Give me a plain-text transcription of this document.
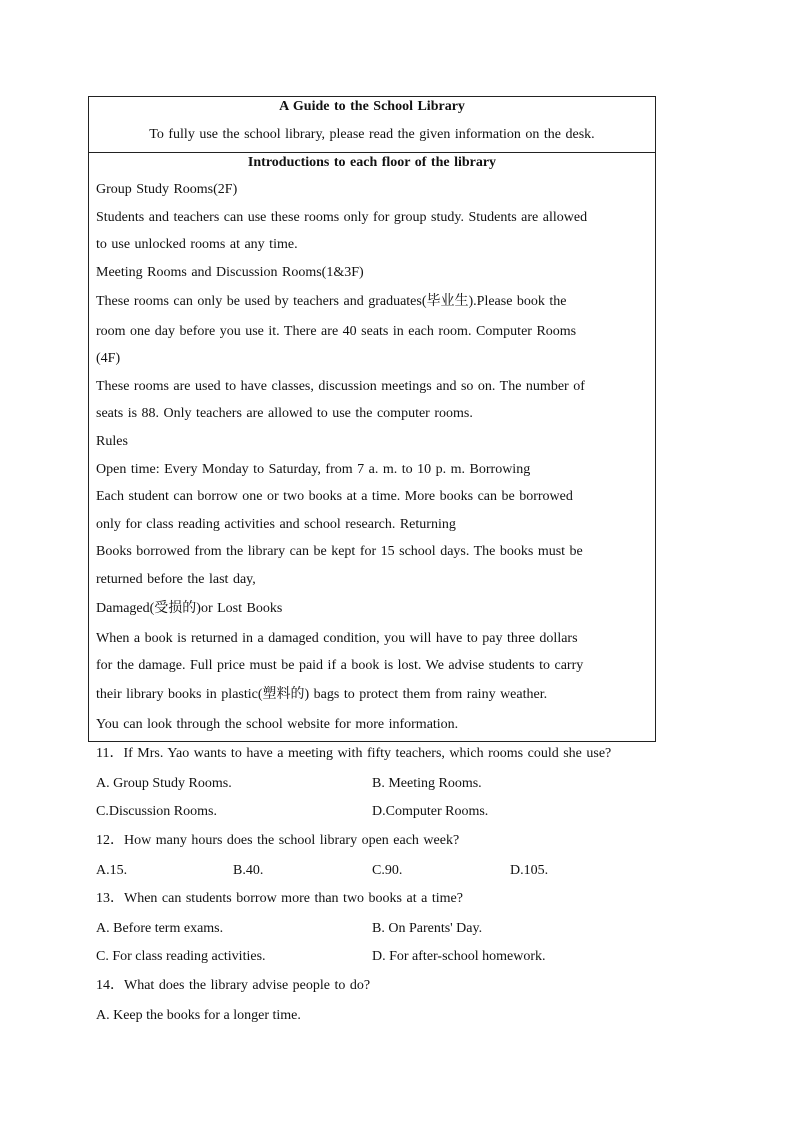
A Guide to the School Library
To fully use the school library, please read the given information on the desk.
Introductions to each floor of the library
Group Study Rooms(2F)
Students and teachers can use these rooms only for group study. Students are allowed
to use unlocked rooms at any time.
Meeting Rooms and Discussion Rooms(1&3F)
These rooms can only be used by teachers and graduates(毕业生).Please book the
room one day before you use it. There are 40 seats in each room. Computer Rooms
(4F)
These rooms are used to have classes, discussion meetings and so on. The number of
seats is 88. Only teachers are allowed to use the computer rooms.
Rules
Open time: Every Monday to Saturday, from 7 a. m. to 10 p. m. Borrowing
Each student can borrow one or two books at a time. More books can be borrowed
only for class reading activities and school research. Returning
Books borrowed from the library can be kept for 15 school days. The books must be
returned before the last day,
Damaged(受损的)or Lost Books
When a book is returned in a damaged condition, you will have to pay three dollars
for the damage. Full price must be paid if a book is lost. We advise students to carry
their library books in plastic(塑料的) bags to protect them from rainy weather.
You can look through the school website for more information.
11．If Mrs. Yao wants to have a meeting with fifty teachers, which rooms could she use?
A. Group Study Rooms.	B. Meeting Rooms.
C.Discussion Rooms.	D.Computer Rooms.
12．How many hours does the school library open each week?
A.15.	B.40.	C.90.	D.105.
13．When can students borrow more than two books at a time?
A. Before term exams.	B. On Parents' Day.
C. For class reading activities.	D. For after-school homework.
14．What does the library advise people to do?
A. Keep the books for a longer time.
